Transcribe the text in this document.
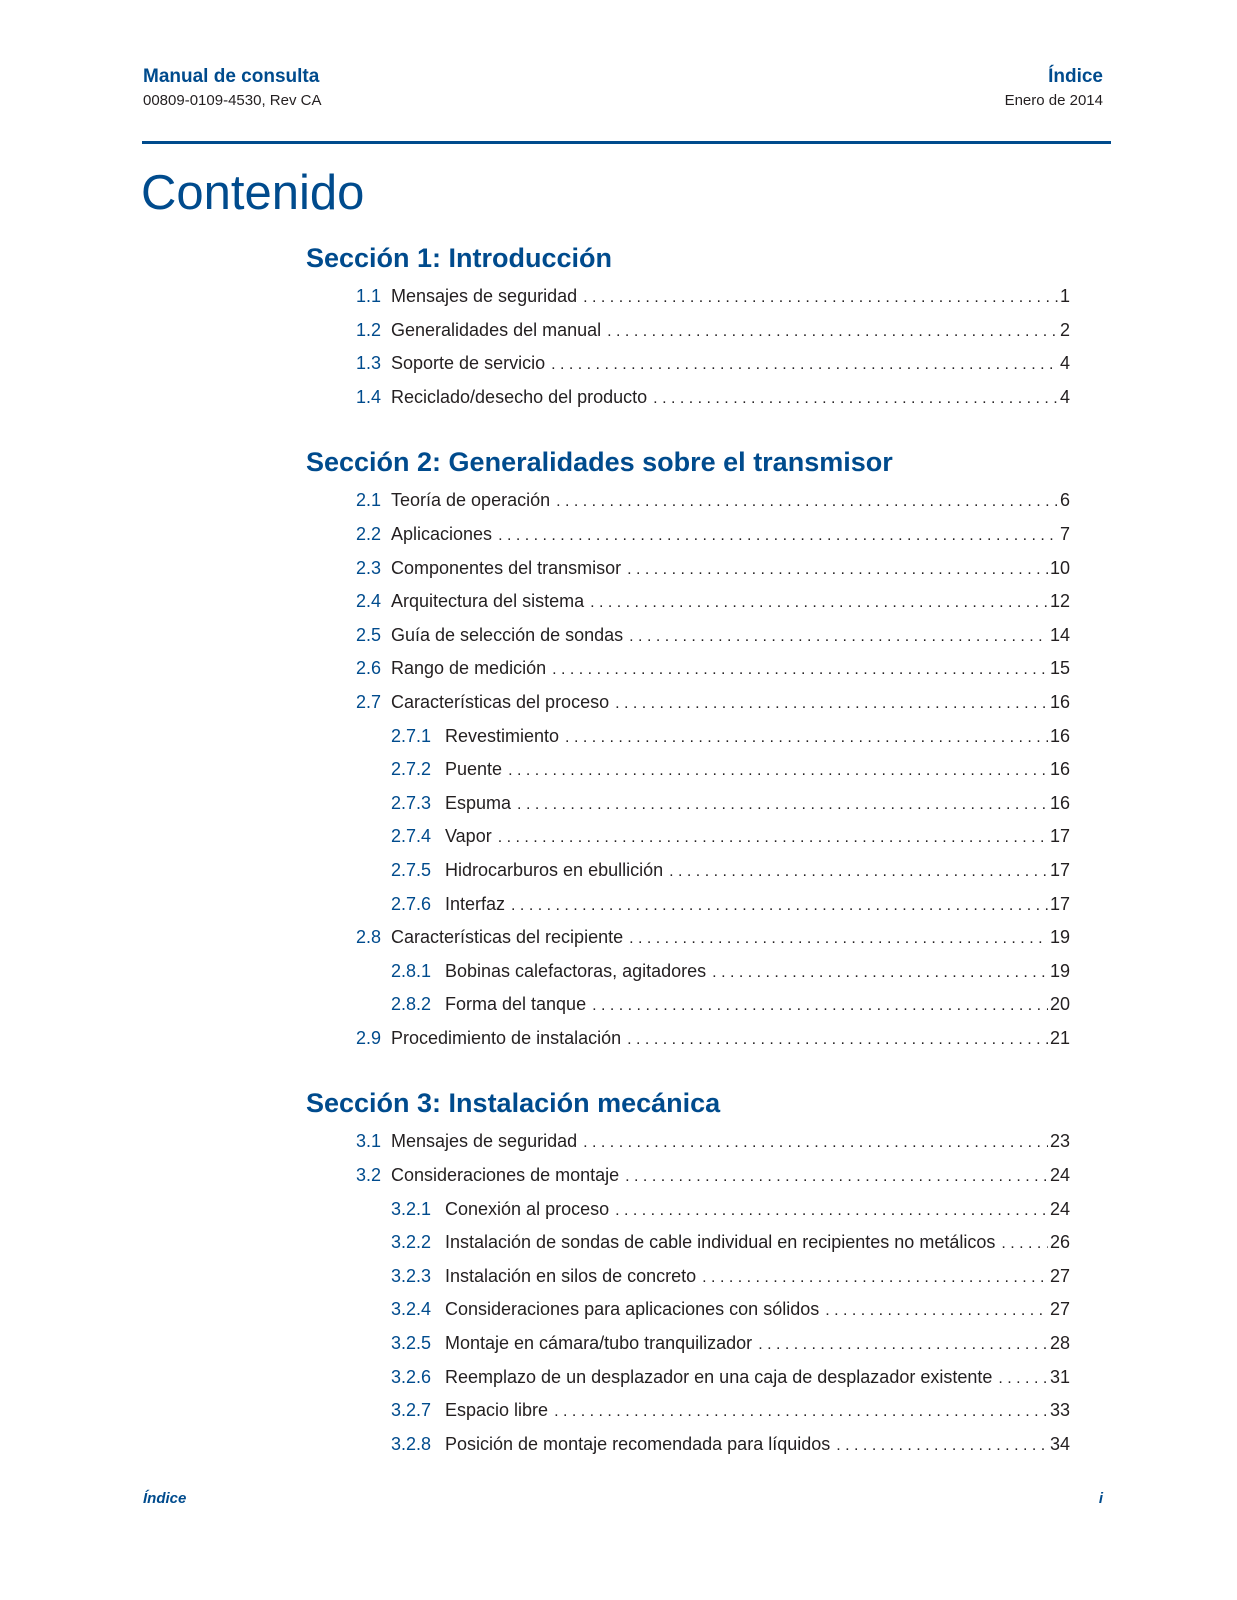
Manual de consulta
00809-0109-4530, Rev CA
Índice
Enero de 2014
Contenido
Sección 1: Introducción
1.1 Mensajes de seguridad . . .	1
1.2 Generalidades del manual . . .	2
1.3 Soporte de servicio . . .	4
1.4 Reciclado/desecho del producto . . .	4
Sección 2: Generalidades sobre el transmisor
2.1 Teoría de operación . . .	6
2.2 Aplicaciones . . .	7
2.3 Componentes del transmisor . . .	10
2.4 Arquitectura del sistema . . .	12
2.5 Guía de selección de sondas . . .	14
2.6 Rango de medición . . .	15
2.7 Características del proceso . . .	16
2.7.1 Revestimiento . . .	16
2.7.2 Puente . . .	16
2.7.3 Espuma . . .	16
2.7.4 Vapor . . .	17
2.7.5 Hidrocarburos en ebullición . . .	17
2.7.6 Interfaz . . .	17
2.8 Características del recipiente . . .	19
2.8.1 Bobinas calefactoras, agitadores . . .	19
2.8.2 Forma del tanque . . .	20
2.9 Procedimiento de instalación . . .	21
Sección 3: Instalación mecánica
3.1 Mensajes de seguridad . . .	23
3.2 Consideraciones de montaje . . .	24
3.2.1 Conexión al proceso . . .	24
3.2.2 Instalación de sondas de cable individual en recipientes no metálicos . . .	26
3.2.3 Instalación en silos de concreto . . .	27
3.2.4 Consideraciones para aplicaciones con sólidos . . .	27
3.2.5 Montaje en cámara/tubo tranquilizador . . .	28
3.2.6 Reemplazo de un desplazador en una caja de desplazador existente . . .	31
3.2.7 Espacio libre . . .	33
3.2.8 Posición de montaje recomendada para líquidos . . .	34
Índice	i
